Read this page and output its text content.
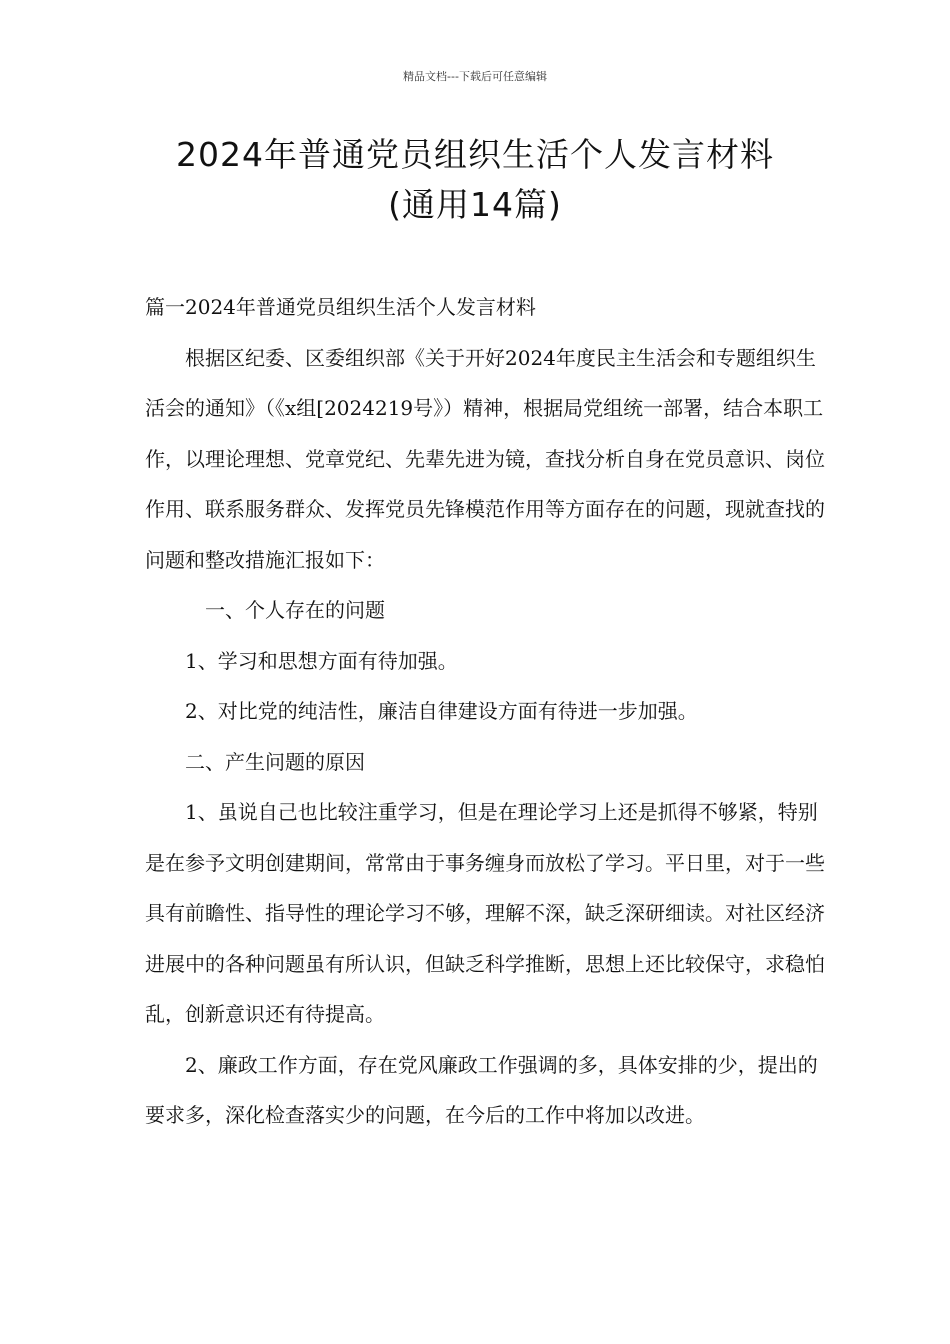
精品文档---下载后可任意编辑
2024年普通党员组织生活个人发言材料
(通用14篇)

篇一2024年普通党员组织生活个人发言材料

根据区纪委、区委组织部《关于开好2024年度民主生活会和专题组织生活会的通知》（《x组[2024219号》）精神，根据局党组统一部署，结合本职工作，以理论理想、党章党纪、先辈先进为镜，查找分析自身在党员意识、岗位作用、联系服务群众、发挥党员先锋模范作用等方面存在的问题，现就查找的问题和整改措施汇报如下：

一、个人存在的问题

1、学习和思想方面有待加强。

2、对比党的纯洁性，廉洁自律建设方面有待进一步加强。

二、产生问题的原因

1、虽说自己也比较注重学习，但是在理论学习上还是抓得不够紧，特别是在参予文明创建期间，常常由于事务缠身而放松了学习。平日里，对于一些具有前瞻性、指导性的理论学习不够，理解不深，缺乏深研细读。对社区经济进展中的各种问题虽有所认识，但缺乏科学推断，思想上还比较保守，求稳怕乱，创新意识还有待提高。

2、廉政工作方面，存在党风廉政工作强调的多，具体安排的少，提出的要求多，深化检查落实少的问题，在今后的工作中将加以改进。
